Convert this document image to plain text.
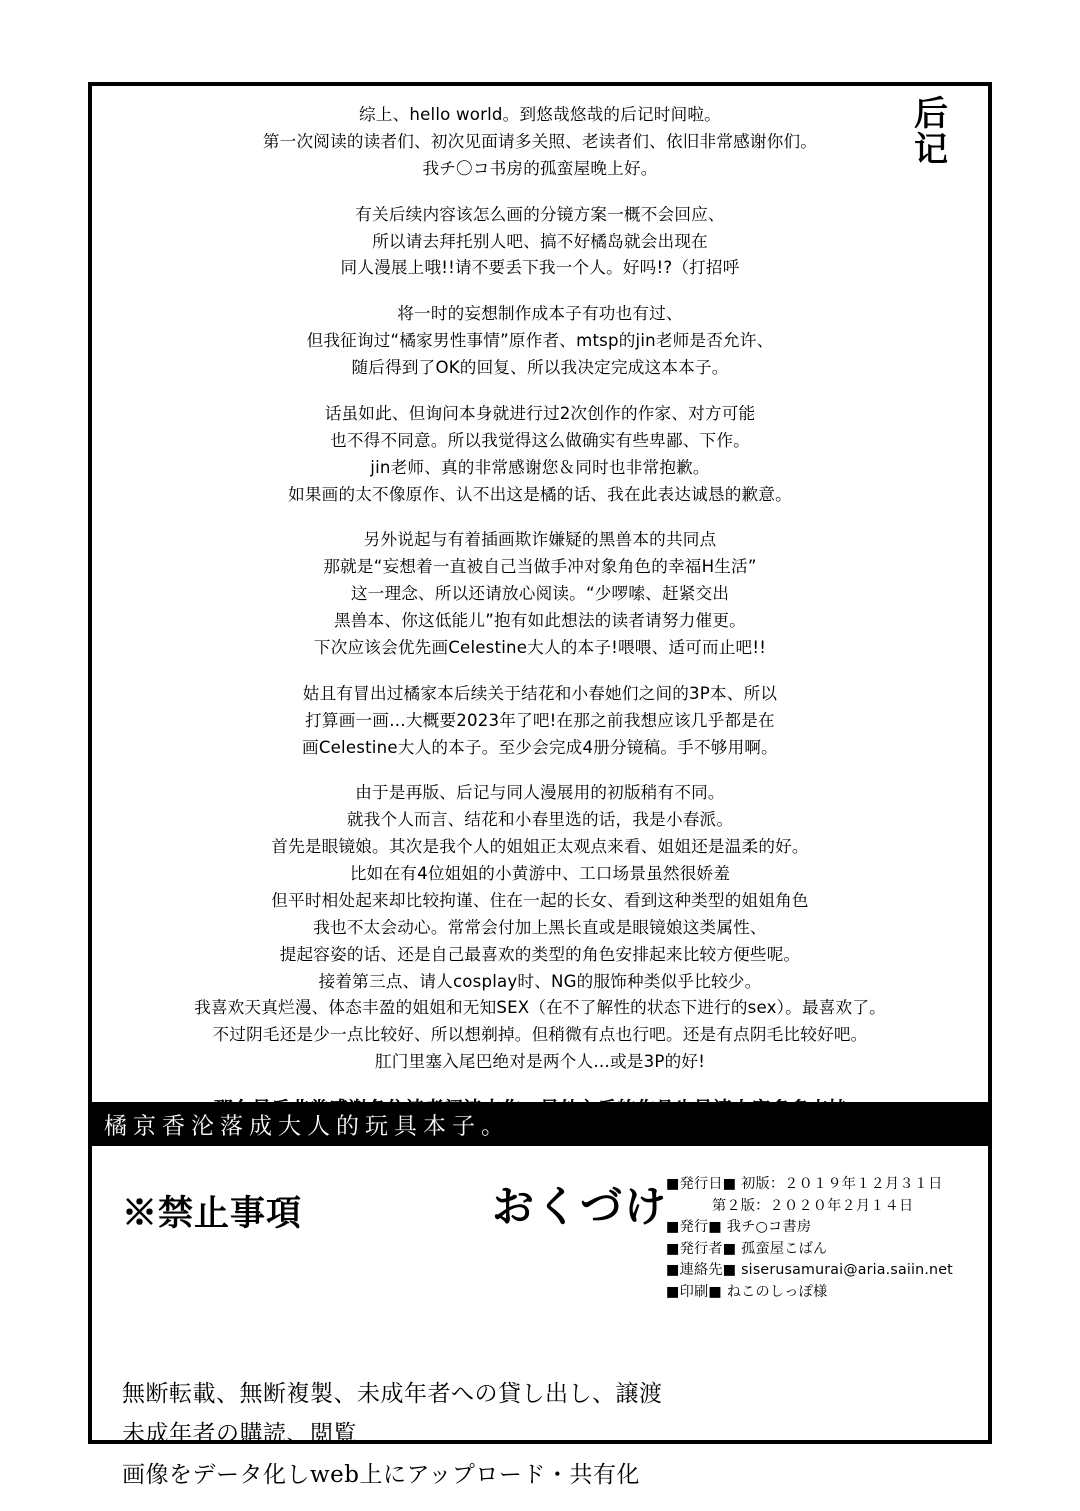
后
记

综上、hello world。到悠哉悠哉的后记时间啦。
第一次阅读的读者们、初次见面请多关照、老读者们、依旧非常感谢你们。
我チ〇コ书房的孤蛮屋晚上好。

有关后续内容该怎么画的分镜方案一概不会回应、
所以请去拜托别人吧、搞不好橘岛就会出现在
同人漫展上哦!!请不要丢下我一个人。好吗!?（打招呼

将一时的妄想制作成本子有功也有过、
但我征询过“橘家男性事情”原作者、mtsp的jin老师是否允许、
随后得到了OK的回复、所以我决定完成这本本子。

话虽如此、但询问本身就进行过2次创作的作家、对方可能
也不得不同意。所以我觉得这么做确实有些卑鄙、下作。
jin老师、真的非常感谢您＆同时也非常抱歉。
如果画的太不像原作、认不出这是橘的话、我在此表达诚恳的歉意。

另外说起与有着插画欺诈嫌疑的黑兽本的共同点
那就是“妄想着一直被自己当做手冲对象角色的幸福H生活”
这一理念、所以还请放心阅读。“少啰嗦、赶紧交出
黑兽本、你这低能儿”抱有如此想法的读者请努力催更。
下次应该会优先画Celestine大人的本子!喂喂、适可而止吧!!

姑且有冒出过橘家本后续关于结花和小春她们之间的3P本、所以
打算画一画…大概要2023年了吧!在那之前我想应该几乎都是在
画Celestine大人的本子。至少会完成4册分镜稿。手不够用啊。

由于是再版、后记与同人漫展用的初版稍有不同。
就我个人而言、结花和小春里选的话，我是小春派。
首先是眼镜娘。其次是我个人的姐姐正太观点来看、姐姐还是温柔的好。
比如在有4位姐姐的小黄游中、工口场景虽然很娇羞
但平时相处起来却比较拘谨、住在一起的长女、看到这种类型的姐姐角色
我也不太会动心。常常会付加上黑长直或是眼镜娘这类属性、
提起容姿的话、还是自己最喜欢的类型的角色安排起来比较方便些呢。
接着第三点、请人cosplay时、NG的服饰种类似乎比较少。
我喜欢天真烂漫、体态丰盈的姐姐和无知SEX（在不了解性的状态下进行的sex）。最喜欢了。
不过阴毛还是少一点比较好、所以想剃掉。但稍微有点也行吧。还是有点阴毛比较好吧。
肛门里塞入尾巴绝对是两个人…或是3P的好!

橘京香沦落成大人的玩具本子。
※禁止事項	おくづけ
■発行日■ 初版：２０１９年１２月３１日
第２版：２０２０年２月１４日
■発行■ 我チ○コ書房
■発行者■ 孤蛮屋こばん
■連絡先■ siserusamurai@aria.saiin.net
■印刷■ ねこのしっぽ様
無断転載、無断複製、未成年者への貸し出し、譲渡
未成年者の購読、閲覧
画像をデータ化しweb上にアップロード・共有化
